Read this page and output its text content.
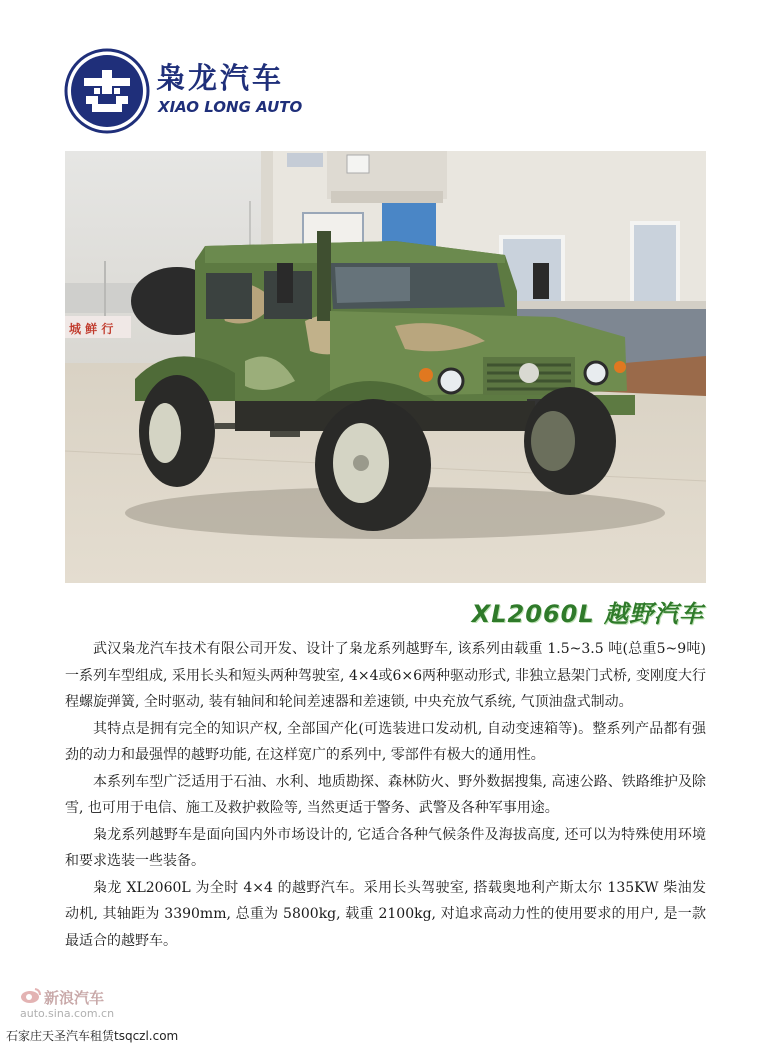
枭龙汽车
XIAO LONG AUTO
城 鲜 行
XL2060L 越野汽车

武汉枭龙汽车技术有限公司开发、设计了枭龙系列越野车, 该系列由载重 1.5~3.5 吨(总重5~9吨)一系列车型组成, 采用长头和短头两种驾驶室, 4×4或6×6两种驱动形式, 非独立悬架门式桥, 变刚度大行程螺旋弹簧, 全时驱动, 装有轴间和轮间差速器和差速锁, 中央充放气系统, 气顶油盘式制动。

其特点是拥有完全的知识产权, 全部国产化(可选装进口发动机, 自动变速箱等)。整系列产品都有强劲的动力和最强悍的越野功能, 在这样宽广的系列中, 零部件有极大的通用性。

本系列车型广泛适用于石油、水利、地质勘探、森林防火、野外数据搜集, 高速公路、铁路维护及除雪, 也可用于电信、施工及救护救险等, 当然更适于警务、武警及各种军事用途。

枭龙系列越野车是面向国内外市场设计的, 它适合各种气候条件及海拔高度, 还可以为特殊使用环境和要求选装一些装备。

枭龙 XL2060L 为全时 4×4 的越野汽车。采用长头驾驶室, 搭载奥地利产斯太尔 135KW 柴油发动机, 其轴距为 3390mm, 总重为 5800kg, 载重 2100kg, 对追求高动力性的使用要求的用户, 是一款最适合的越野车。

新浪汽车
auto.sina.com.cn
石家庄天圣汽车租赁tsqczl.com
